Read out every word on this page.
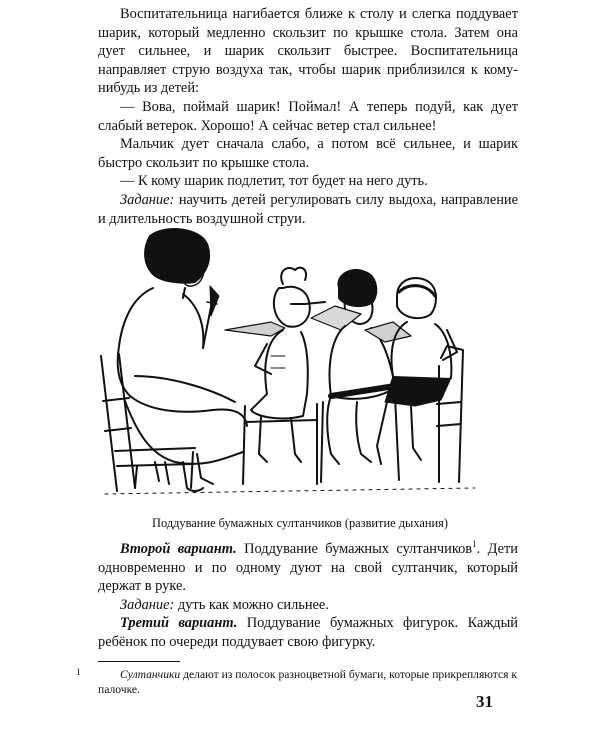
Воспитательница нагибается ближе к столу и слегка поддувает шарик, который медленно скользит по крышке стола. Затем она дует сильнее, и шарик скользит быстрее. Воспитательница направляет струю воздуха так, чтобы шарик приблизился к кому-нибудь из детей:

— Вова, поймай шарик! Поймал! А теперь подуй, как дует слабый ветерок. Хорошо! А сейчас ветер стал сильнее!

Мальчик дует сначала слабо, а потом всё сильнее, и шарик быстро скользит по крышке стола.

— К кому шарик подлетит, тот будет на него дуть.

Задание: научить детей регулировать силу выдоха, направление и длительность воздушной струи.

Поддувание бумажных султанчиков (развитие дыхания)

Второй вариант. Поддувание бумажных султанчиков$^1$. Дети одновременно и по одному дуют на свой султанчик, который держат в руке.

Задание: дуть как можно сильнее.

Третий вариант. Поддувание бумажных фигурок. Каждый ребёнок по очереди поддувает свою фигурку.

1	Султанчики делают из полосок разноцветной бумаги, которые прикрепляются к палочке.

31
